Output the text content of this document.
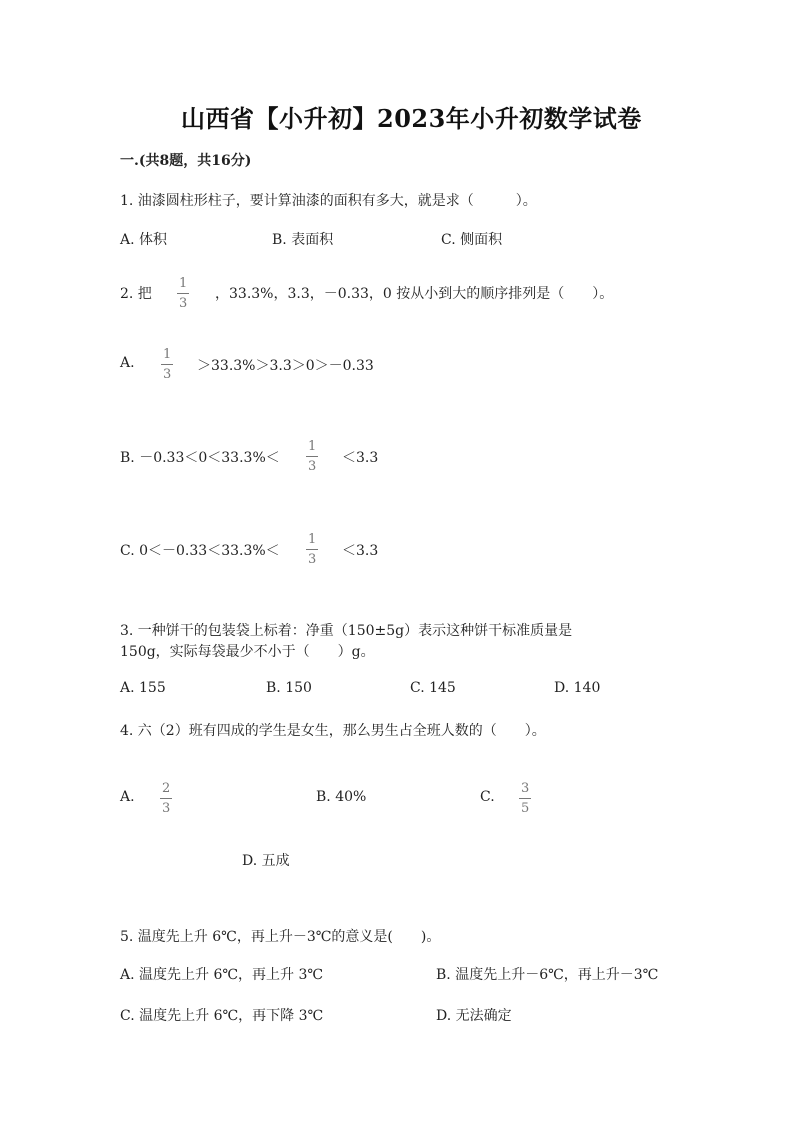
山西省【小升初】2023年小升初数学试卷
一.(共8题，共16分)
1. 油漆圆柱形柱子，要计算油漆的面积有多大，就是求（　　　）。
A. 体积	B. 表面积	C. 侧面积
2. 把
1
3
，33.3%，3.3，－0.33，0 按从小到大的顺序排列是（　　）。
A.
1
3
＞33.3%＞3.3＞0＞－0.33
B. －0.33＜0＜33.3%＜
1
3
＜3.3
C. 0＜－0.33＜33.3%＜
1
3
＜3.3
3. 一种饼干的包装袋上标着：净重（150±5g）表示这种饼干标准质量是
150g，实际每袋最少不小于（　　）g。
A. 155	B. 150	C. 145	D. 140
4. 六（2）班有四成的学生是女生，那么男生占全班人数的（　　）。
A.
2
3
B. 40%	C.
3
5
D. 五成
5. 温度先上升 6℃，再上升－3℃的意义是(　　)。
A. 温度先上升 6℃，再上升 3℃	B. 温度先上升－6℃，再上升－3℃
C. 温度先上升 6℃，再下降 3℃	D. 无法确定
